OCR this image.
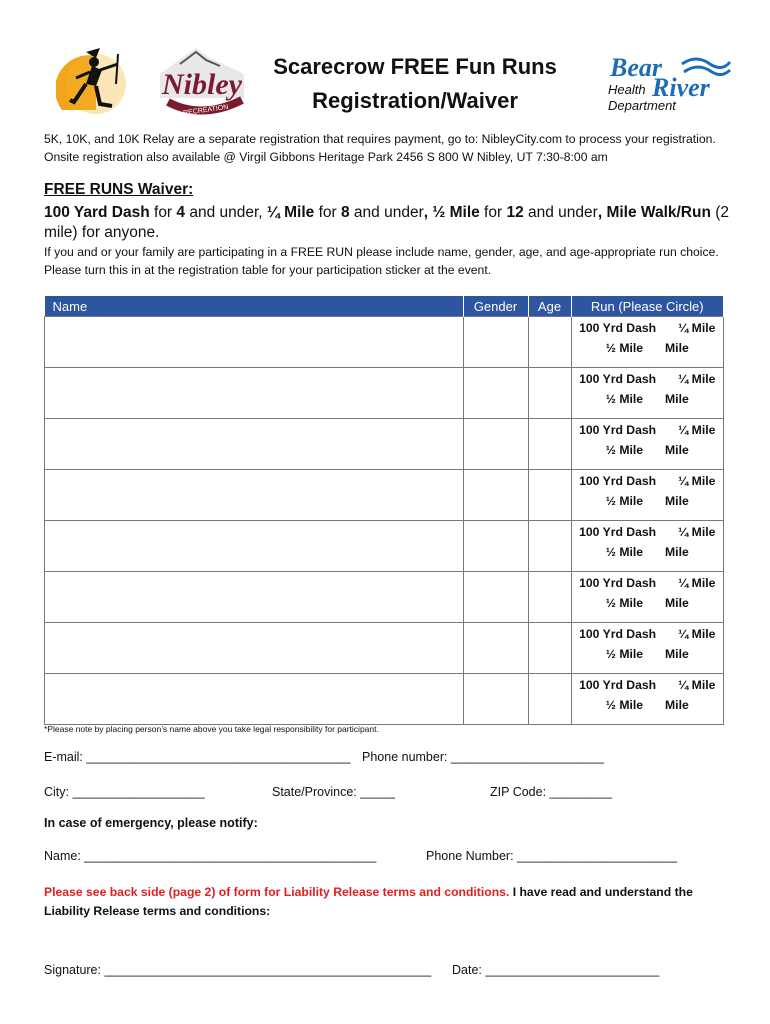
Nibley
RECREATION
Scarecrow FREE Fun Runs
Registration/Waiver
Bear
Health River
Department
5K, 10K, and 10K Relay are a separate registration that requires payment, go to: NibleyCity.com to process your registration. Onsite registration also available @ Virgil Gibbons Heritage Park 2456 S 800 W Nibley, UT 7:30-8:00 am
FREE RUNS Waiver:
100 Yard Dash for 4 and under, ¼ Mile for 8 and under, ½ Mile for 12 and under, Mile Walk/Run (2 mile) for anyone.
If you and or your family are participating in a FREE RUN please include name, gender, age, and age-appropriate run choice. Please turn this in at the registration table for your participation sticker at the event.
Name	Gender	Age	Run (Please Circle)

			100 Yrd Dash ¼ Mile
½ Mile Mile

			100 Yrd Dash ¼ Mile
½ Mile Mile

			100 Yrd Dash ¼ Mile
½ Mile Mile

			100 Yrd Dash ¼ Mile
½ Mile Mile

			100 Yrd Dash ¼ Mile
½ Mile Mile

			100 Yrd Dash ¼ Mile
½ Mile Mile

			100 Yrd Dash ¼ Mile
½ Mile Mile

			100 Yrd Dash ¼ Mile
½ Mile Mile
*Please note by placing person’s name above you take legal responsibility for participant.
E-mail: ______________________________________ Phone number: ______________________
City: ___________________	State/Province: _____	ZIP Code: _________
In case of emergency, please notify:
Name: __________________________________________	Phone Number: _______________________
Please see back side (page 2) of form for Liability Release terms and conditions. I have read and understand the Liability Release terms and conditions:
Signature: _______________________________________________ Date: _________________________
